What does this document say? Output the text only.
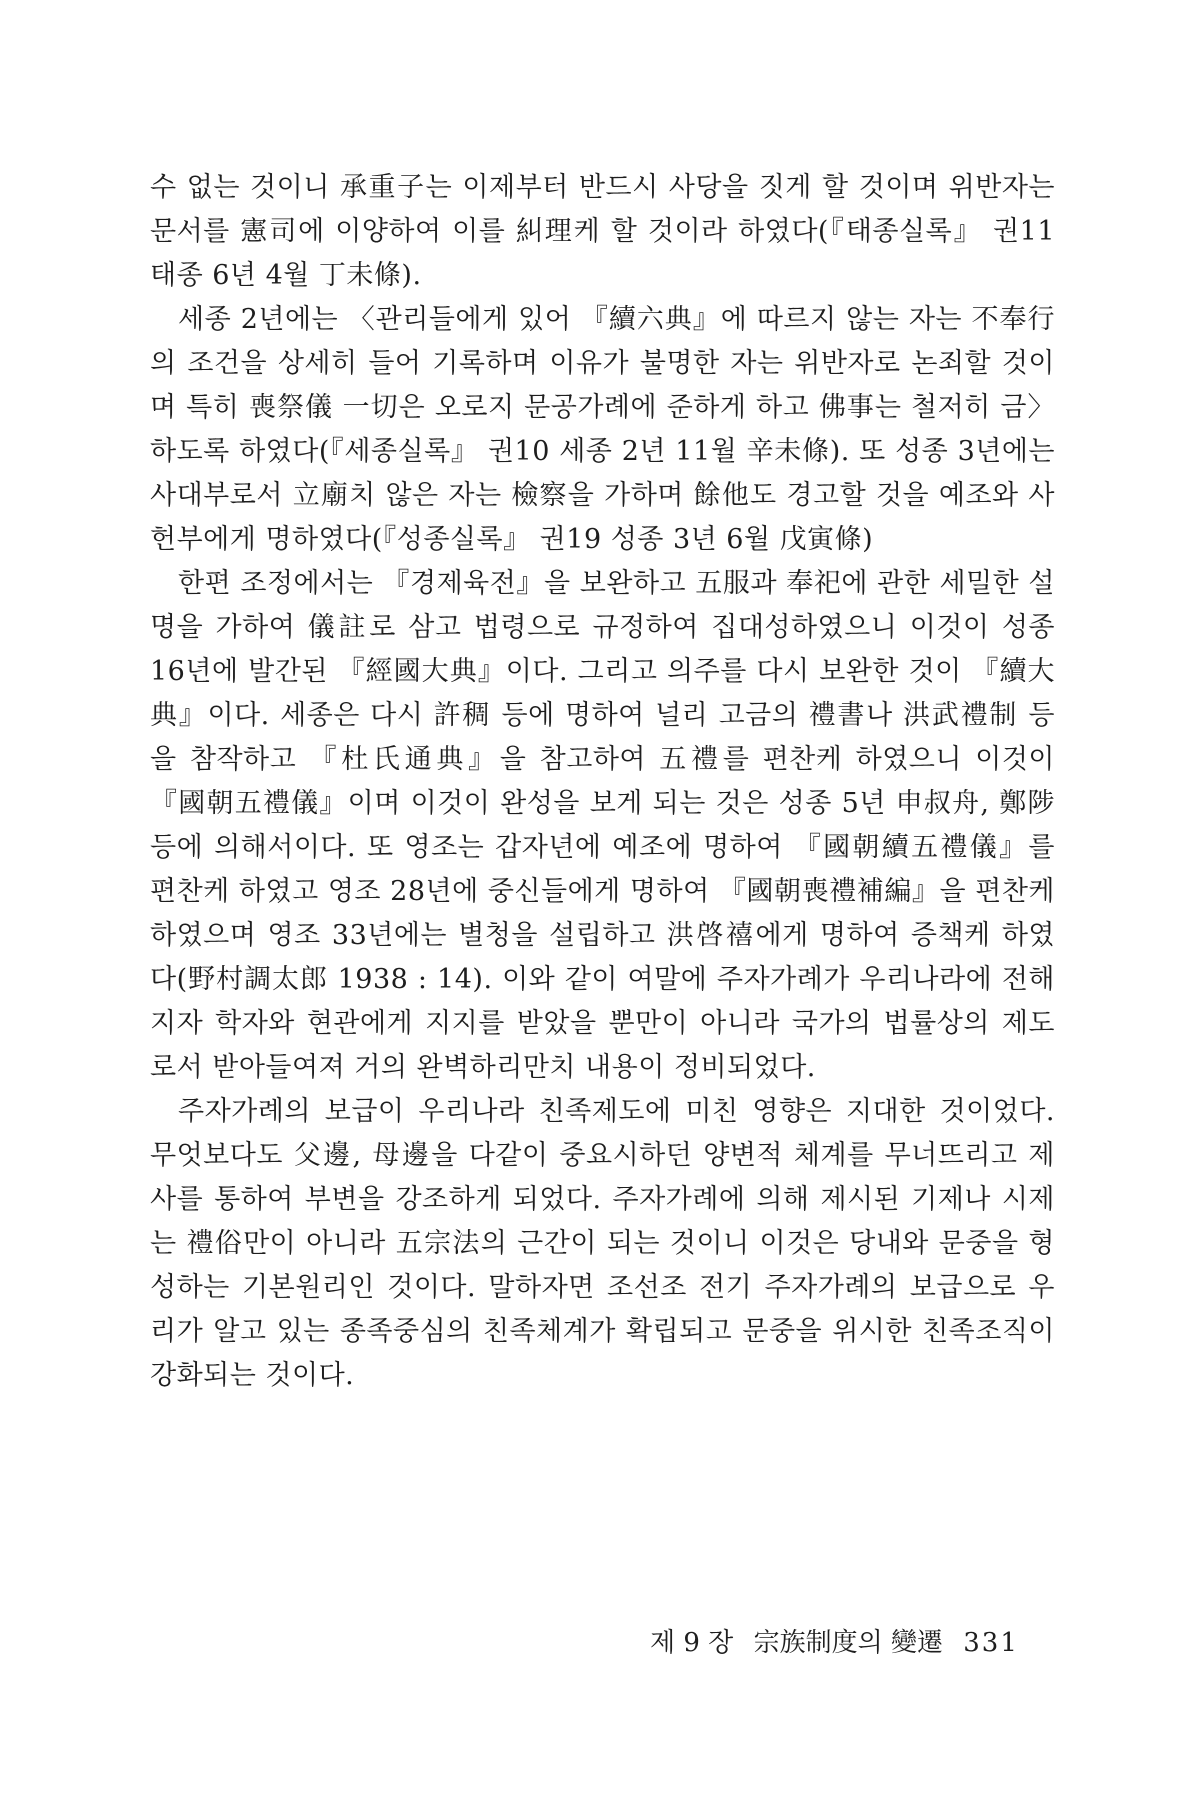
수 없는 것이니 承重子는 이제부터 반드시 사당을 짓게 할 것이며 위반자는 문서를 憲司에 이양하여 이를 糾理케 할 것이라 하였다(『태종실록』 권11 태종 6년 4월 丁未條).

세종 2년에는 〈관리들에게 있어 『續六典』에 따르지 않는 자는 不奉行의 조건을 상세히 들어 기록하며 이유가 불명한 자는 위반자로 논죄할 것이며 특히 喪祭儀 一切은 오로지 문공가례에 준하게 하고 佛事는 철저히 금〉하도록 하였다(『세종실록』 권10 세종 2년 11월 辛未條). 또 성종 3년에는 사대부로서 立廟치 않은 자는 檢察을 가하며 餘他도 경고할 것을 예조와 사헌부에게 명하였다(『성종실록』 권19 성종 3년 6월 戊寅條)

한편 조정에서는 『경제육전』을 보완하고 五服과 奉祀에 관한 세밀한 설명을 가하여 儀註로 삼고 법령으로 규정하여 집대성하였으니 이것이 성종 16년에 발간된 『經國大典』이다. 그리고 의주를 다시 보완한 것이 『續大典』이다. 세종은 다시 許稠 등에 명하여 널리 고금의 禮書나 洪武禮制 등을 참작하고 『杜氏通典』을 참고하여 五禮를 편찬케 하였으니 이것이 『國朝五禮儀』이며 이것이 완성을 보게 되는 것은 성종 5년 申叔舟, 鄭陟 등에 의해서이다. 또 영조는 갑자년에 예조에 명하여 『國朝續五禮儀』를 편찬케 하였고 영조 28년에 중신들에게 명하여 『國朝喪禮補編』을 편찬케 하였으며 영조 33년에는 별청을 설립하고 洪啓禧에게 명하여 증책케 하였다(野村調太郎 1938 : 14). 이와 같이 여말에 주자가례가 우리나라에 전해지자 학자와 현관에게 지지를 받았을 뿐만이 아니라 국가의 법률상의 제도로서 받아들여져 거의 완벽하리만치 내용이 정비되었다.

주자가례의 보급이 우리나라 친족제도에 미친 영향은 지대한 것이었다. 무엇보다도 父邊, 母邊을 다같이 중요시하던 양변적 체계를 무너뜨리고 제사를 통하여 부변을 강조하게 되었다. 주자가례에 의해 제시된 기제나 시제는 禮俗만이 아니라 五宗法의 근간이 되는 것이니 이것은 당내와 문중을 형성하는 기본원리인 것이다. 말하자면 조선조 전기 주자가례의 보급으로 우리가 알고 있는 종족중심의 친족체계가 확립되고 문중을 위시한 친족조직이 강화되는 것이다.

제 9 장 宗族制度의 變遷 331
